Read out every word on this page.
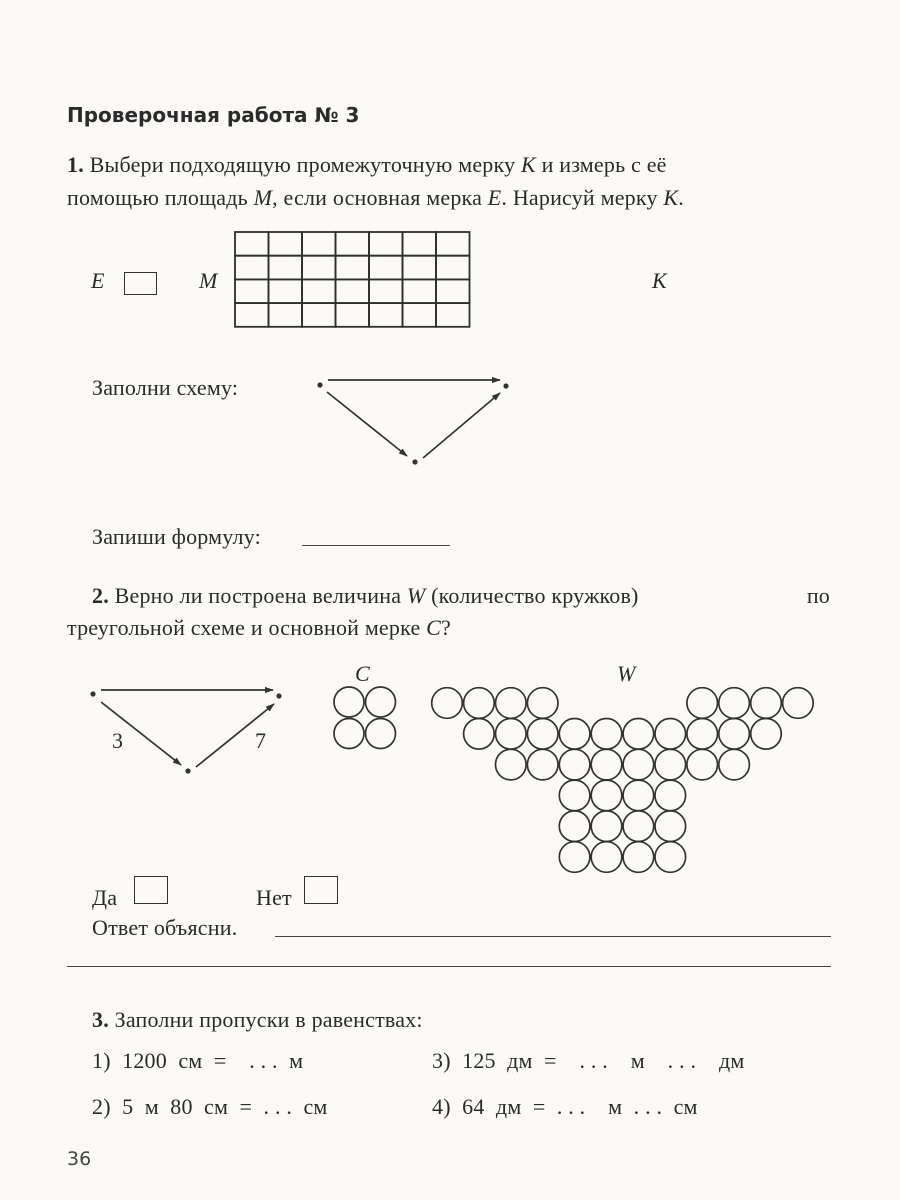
Проверочная работа № 3
1. Выбери подходящую промежуточную мерку K и измерь с её
помощью площадь M, если основная мерка E. Нарисуй мерку K.
E	M	K
Заполни схему:
Запиши формулу:
2. Верно ли построена величина W (количество кружков)	по
треугольной схеме и основной мерке C?
3	7
C	W
Да	Нет
Ответ объясни.
3. Заполни пропуски в равенствах:
1)  1200  см  =    . . .  м
2)  5  м  80  см  =  . . .  см
3)  125  дм  =    . . .    м    . . .    дм
4)  64  дм  =  . . .    м  . . .  см
36
